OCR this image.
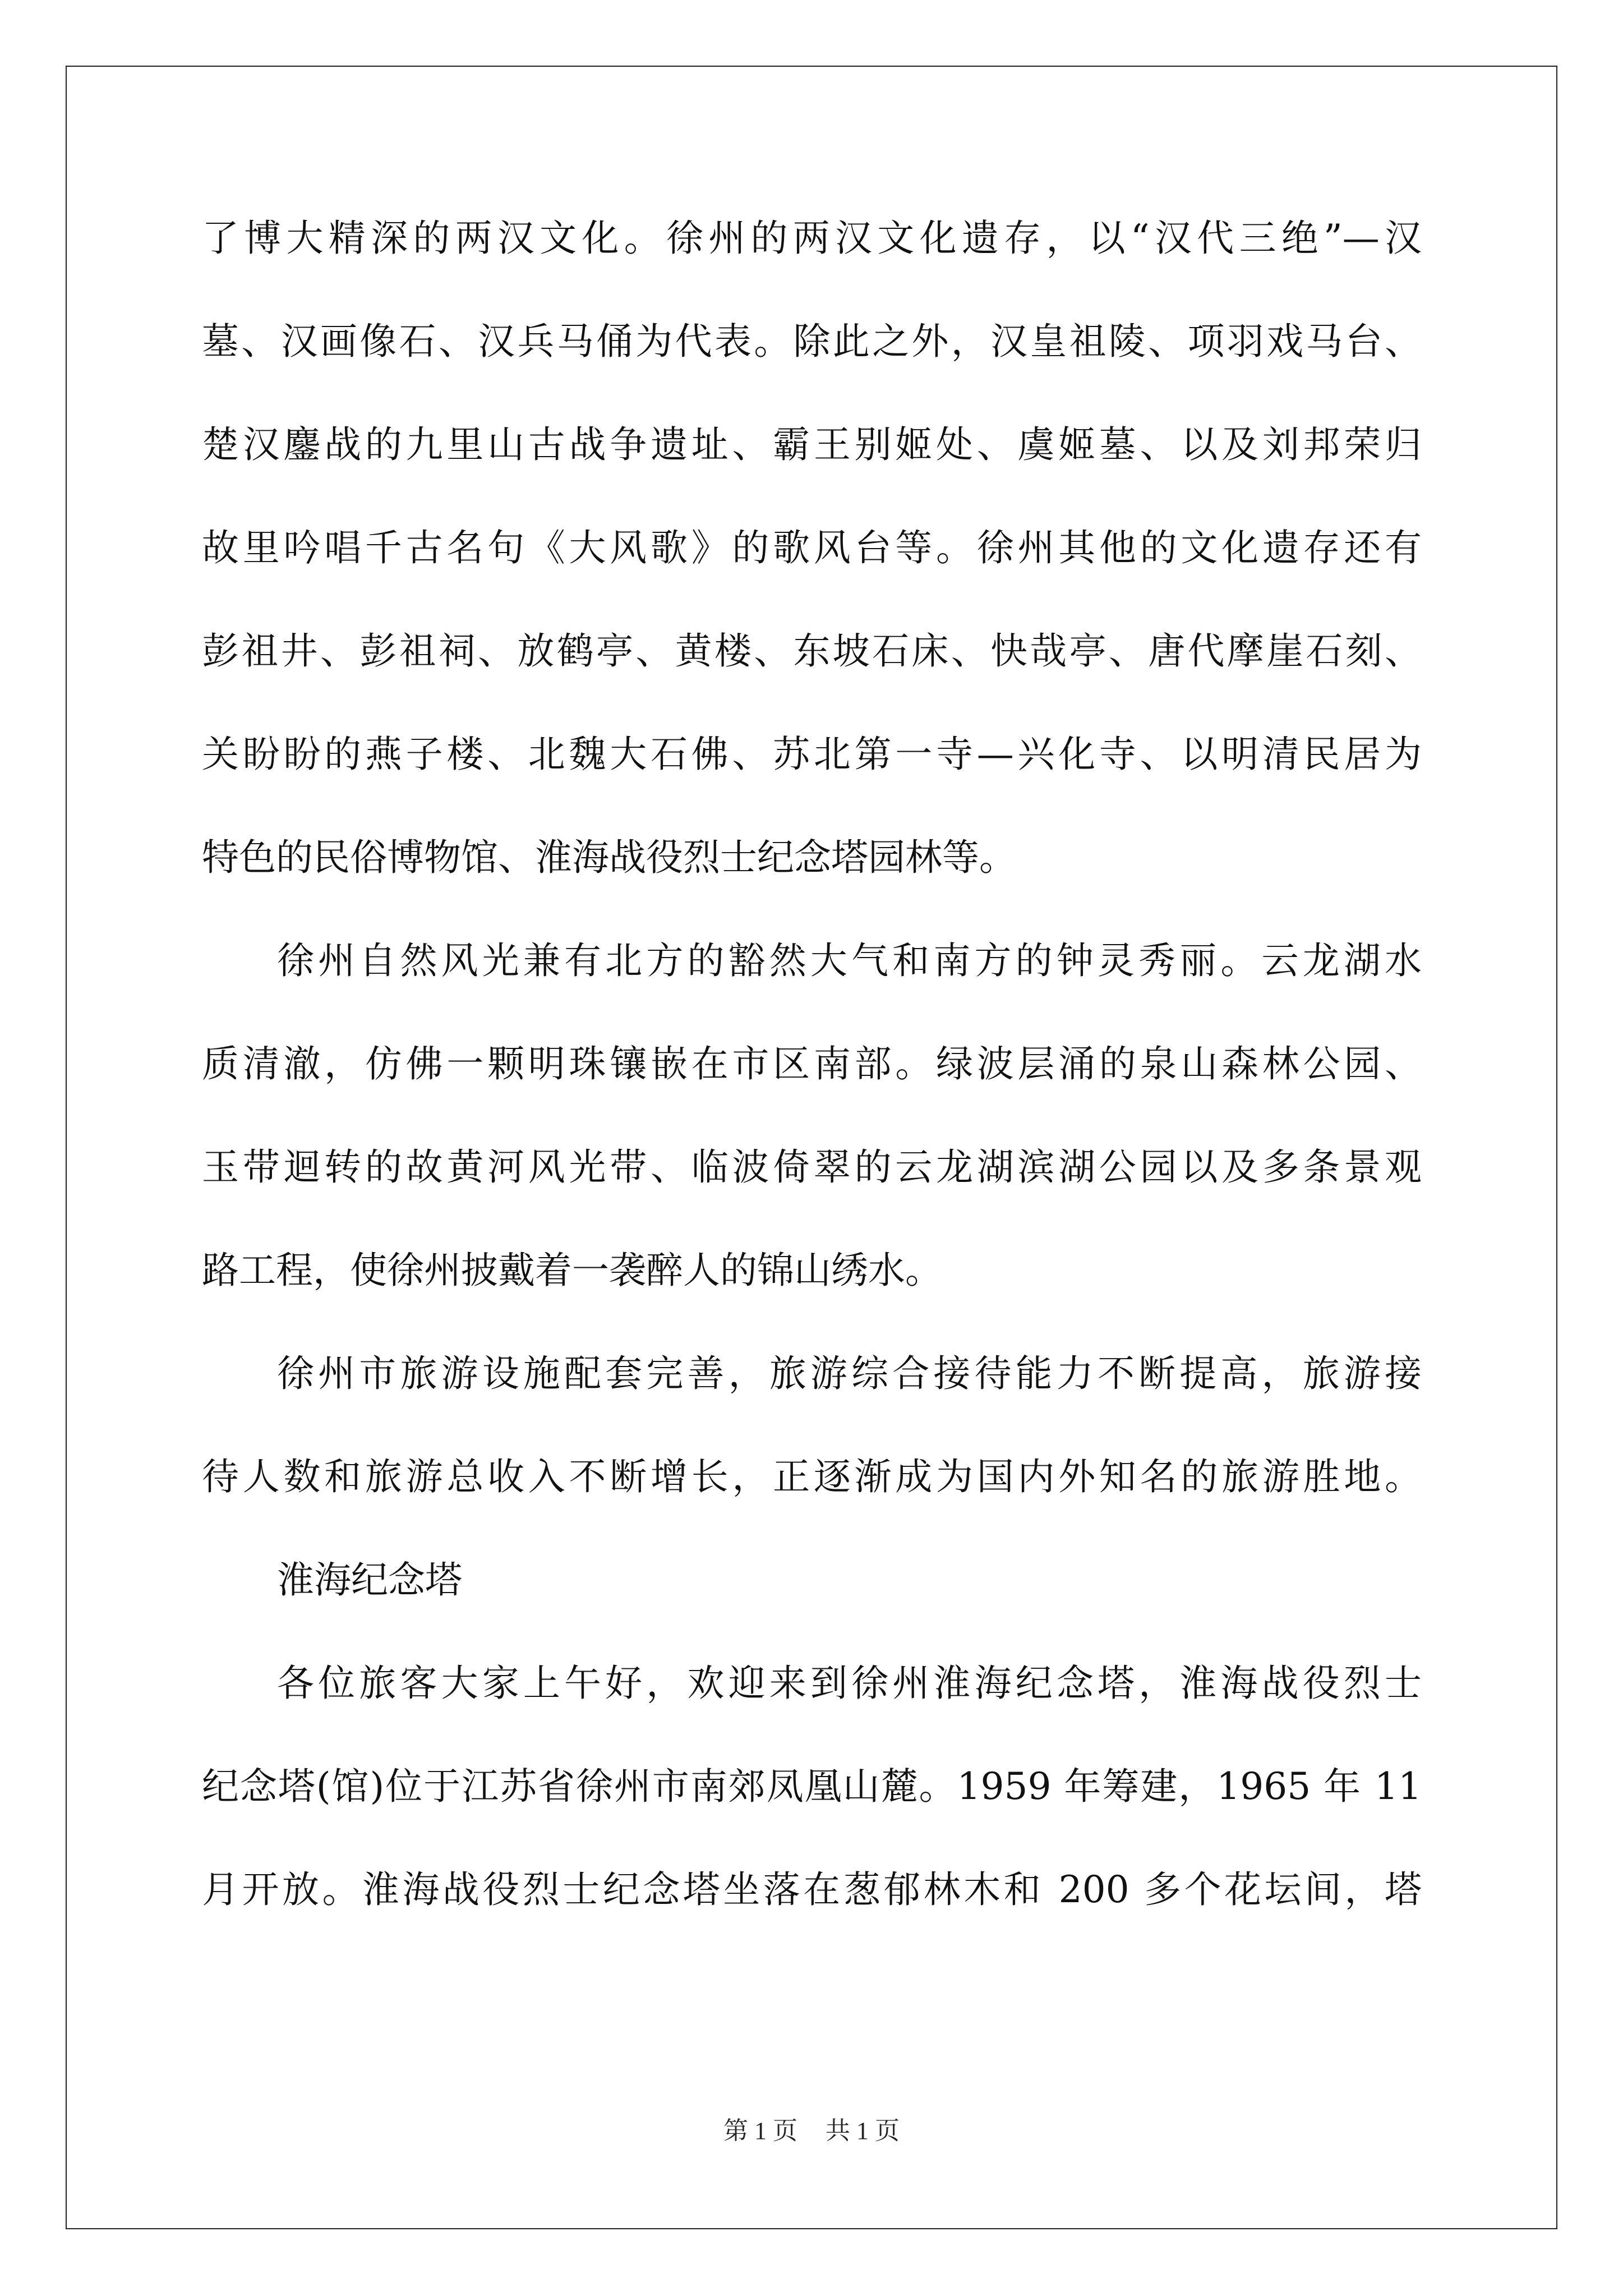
了博大精深的两汉文化。徐州的两汉文化遗存，以“汉代三绝”—汉
墓、汉画像石、汉兵马俑为代表。除此之外，汉皇祖陵、项羽戏马台、
楚汉鏖战的九里山古战争遗址、霸王别姬处、虞姬墓、以及刘邦荣归
故里吟唱千古名句《大风歌》的歌风台等。徐州其他的文化遗存还有
彭祖井、彭祖祠、放鹤亭、黄楼、东坡石床、快哉亭、唐代摩崖石刻、
关盼盼的燕子楼、北魏大石佛、苏北第一寺—兴化寺、以明清民居为
特色的民俗博物馆、淮海战役烈士纪念塔园林等。
徐州自然风光兼有北方的豁然大气和南方的钟灵秀丽。云龙湖水
质清澈，仿佛一颗明珠镶嵌在市区南部。绿波层涌的泉山森林公园、
玉带迴转的故黄河风光带、临波倚翠的云龙湖滨湖公园以及多条景观
路工程，使徐州披戴着一袭醉人的锦山绣水。
徐州市旅游设施配套完善，旅游综合接待能力不断提高，旅游接
待人数和旅游总收入不断增长，正逐渐成为国内外知名的旅游胜地。
淮海纪念塔
各位旅客大家上午好，欢迎来到徐州淮海纪念塔，淮海战役烈士
纪念塔(馆)位于江苏省徐州市南郊凤凰山麓。1959 年筹建，1965 年 11
月开放。淮海战役烈士纪念塔坐落在葱郁林木和 200 多个花坛间，塔
第 1 页 共 1 页
